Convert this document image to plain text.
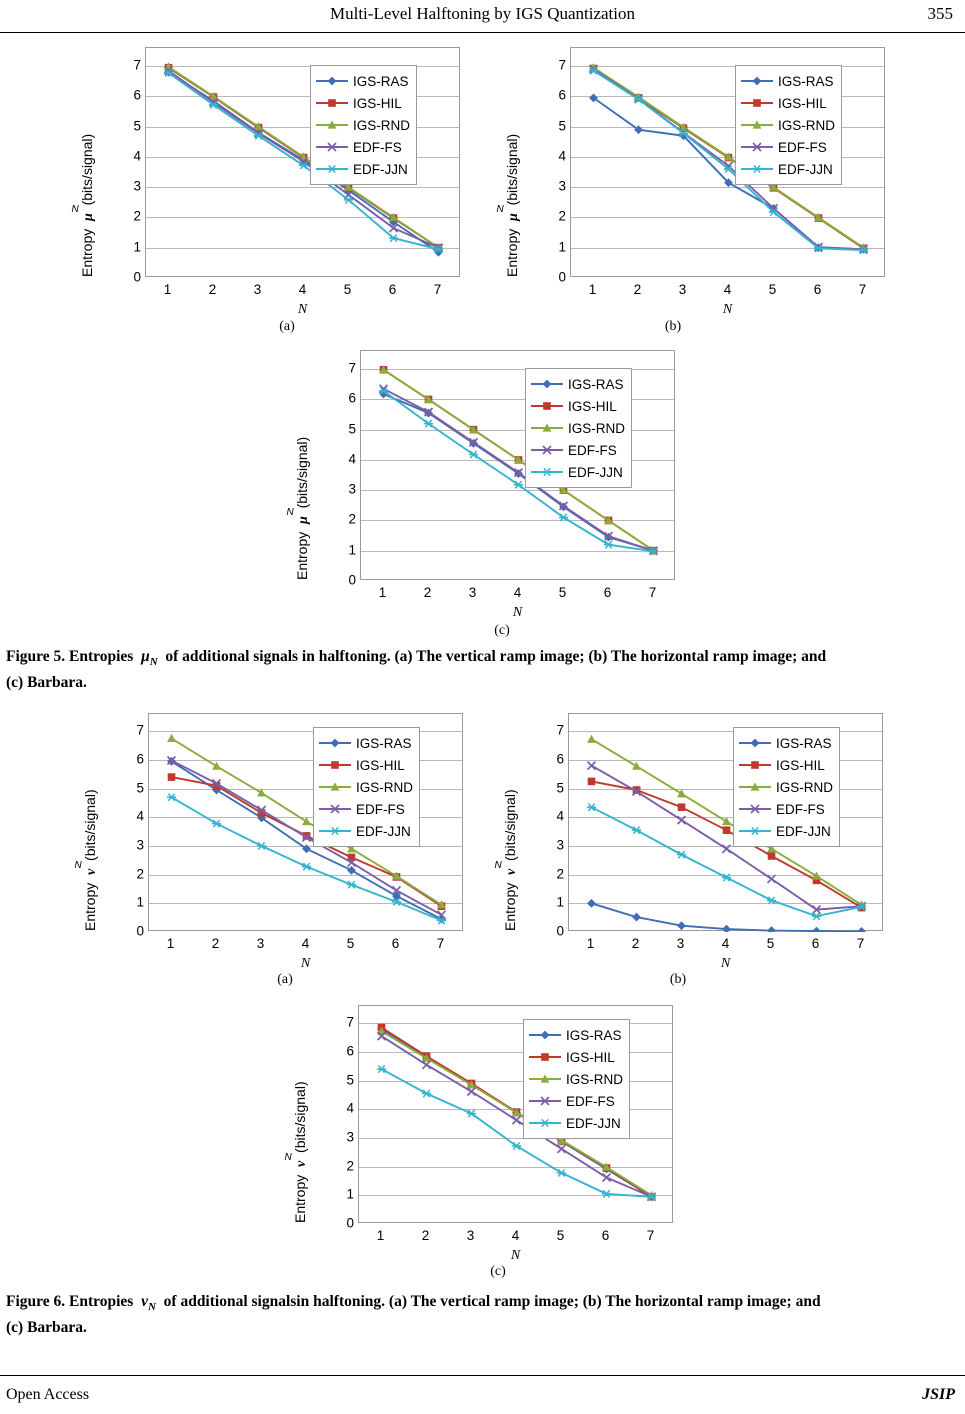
Multi-Level Halftoning by IGS Quantization	355
Entropy  μ
N (bits/signal)
0
1
2
3
4
5
6
7
1	2	3	4	5	6	7
N
IGS-RAS
IGS-HIL
IGS-RND
EDF-FS
EDF-JJN
Entropy  μ
N (bits/signal)
0
1
2
3
4
5
6
7
1	2	3	4	5	6	7
N
IGS-RAS
IGS-HIL
IGS-RND
EDF-FS
EDF-JJN
Entropy  μ
N (bits/signal)
0
1
2
3
4
5
6
7
1	2	3	4	5	6	7
N
IGS-RAS
IGS-HIL
IGS-RND
EDF-FS
EDF-JJN
(a)	(b)
(c)
Figure 5. Entropies $\mu_N$ of additional signals in halftoning. (a) The vertical ramp image; (b) The horizontal ramp image; and
(c) Barbara.
Entropy  ν
N (bits/signal)
0
1
2
3
4
5
6
7
1	2	3	4	5	6	7
N
IGS-RAS
IGS-HIL
IGS-RND
EDF-FS
EDF-JJN
Entropy  ν
N (bits/signal)
0
1
2
3
4
5
6
7
1	2	3	4	5	6	7
N
IGS-RAS
IGS-HIL
IGS-RND
EDF-FS
EDF-JJN
Entropy  ν
N (bits/signal)
0
1
2
3
4
5
6
7
1	2	3	4	5	6	7
N
IGS-RAS
IGS-HIL
IGS-RND
EDF-FS
EDF-JJN
(a)	(b)
(c)
Figure 6. Entropies $\nu_N$ of additional signalsin halftoning. (a) The vertical ramp image; (b) The horizontal ramp image; and
(c) Barbara.
Open Access	JSIP
